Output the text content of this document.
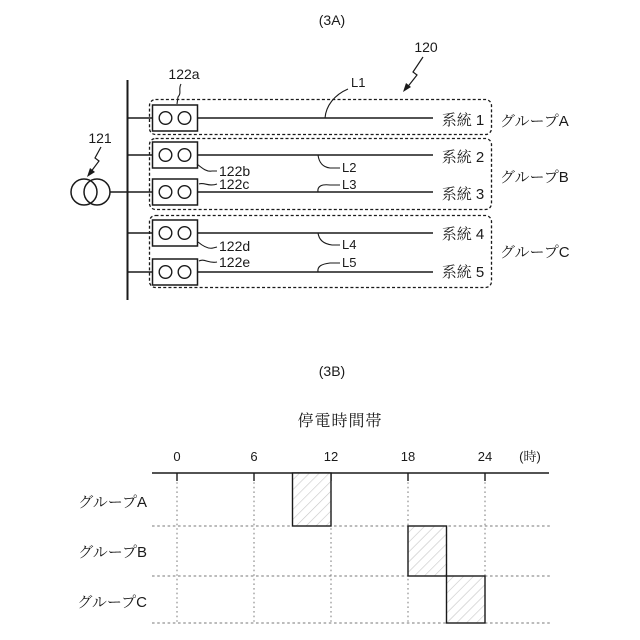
(3A)
120
121
系統 1
系統 2
系統 3
系統 4
系統 5
122a
122b
122c
122d
122e
L1
L2
L3
L4
L5
グループA
グループB
グループC
(3B)
停電時間帯
(時)
0	6	12	18	24
グループA
グループB
グループC
